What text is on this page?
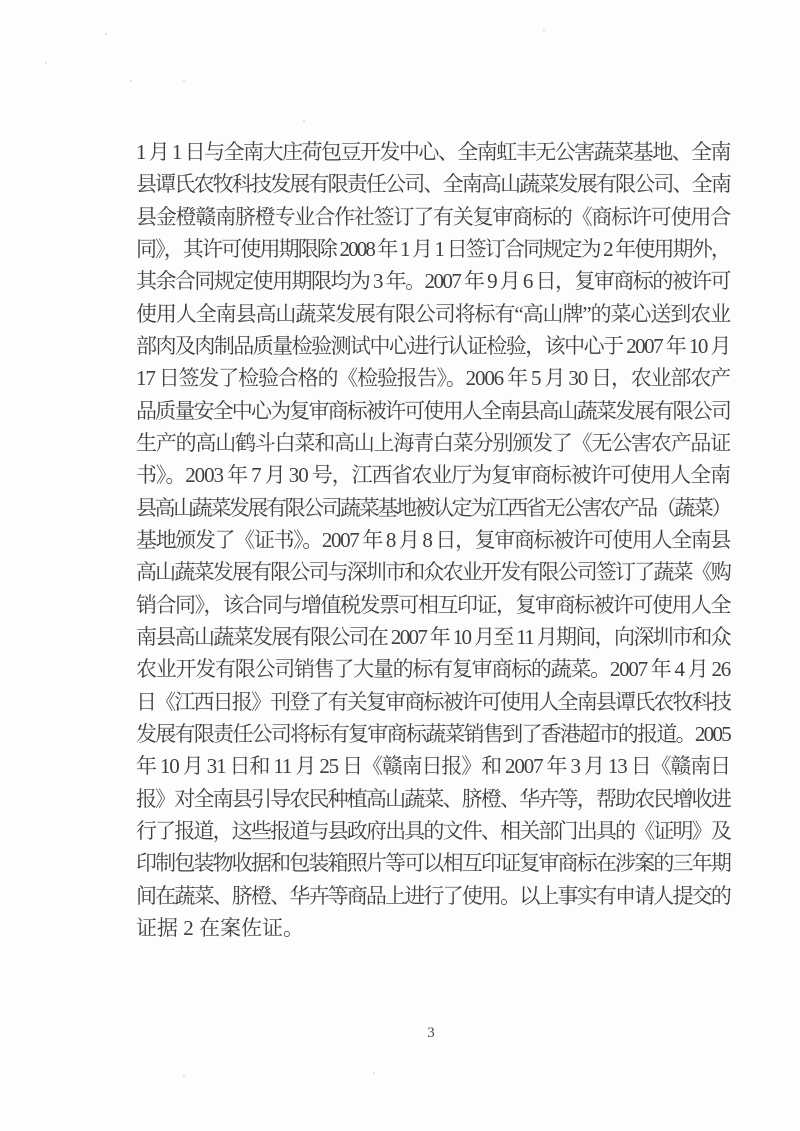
1 月 1 日与全南大庄荷包豆开发中心、全南虹丰无公害蔬菜基地、全南
县谭氏农牧科技发展有限责任公司、全南高山蔬菜发展有限公司、全南
县金橙赣南脐橙专业合作社签订了有关复审商标的《商标许可使用合
同》，其许可使用期限除 2008 年 1 月 1 日签订合同规定为 2 年使用期外，
其余合同规定使用期限均为 3 年。2007 年 9 月 6 日，复审商标的被许可
使用人全南县高山蔬菜发展有限公司将标有“高山牌”的菜心送到农业
部肉及肉制品质量检验测试中心进行认证检验，该中心于 2007 年 10 月
17 日签发了检验合格的《检验报告》。2006 年 5 月 30 日，农业部农产
品质量安全中心为复审商标被许可使用人全南县高山蔬菜发展有限公司
生产的高山鹤斗白菜和高山上海青白菜分别颁发了《无公害农产品证
书》。2003 年 7 月 30 号，江西省农业厅为复审商标被许可使用人全南
县高山蔬菜发展有限公司蔬菜基地被认定为江西省无公害农产品（蔬菜）
基地颁发了《证书》。2007 年 8 月 8 日，复审商标被许可使用人全南县
高山蔬菜发展有限公司与深圳市和众农业开发有限公司签订了蔬菜《购
销合同》，该合同与增值税发票可相互印证，复审商标被许可使用人全
南县高山蔬菜发展有限公司在 2007 年 10 月至 11 月期间，向深圳市和众
农业开发有限公司销售了大量的标有复审商标的蔬菜。2007 年 4 月 26
日《江西日报》刊登了有关复审商标被许可使用人全南县谭氏农牧科技
发展有限责任公司将标有复审商标蔬菜销售到了香港超市的报道。2005
年 10 月 31 日和 11 月 25 日《赣南日报》和 2007 年 3 月 13 日《赣南日
报》对全南县引导农民种植高山蔬菜、脐橙、华卉等，帮助农民增收进
行了报道，这些报道与县政府出具的文件、相关部门出具的《证明》及
印制包装物收据和包装箱照片等可以相互印证复审商标在涉案的三年期
间在蔬菜、脐橙、华卉等商品上进行了使用。以上事实有申请人提交的
证据 2 在案佐证。
3
